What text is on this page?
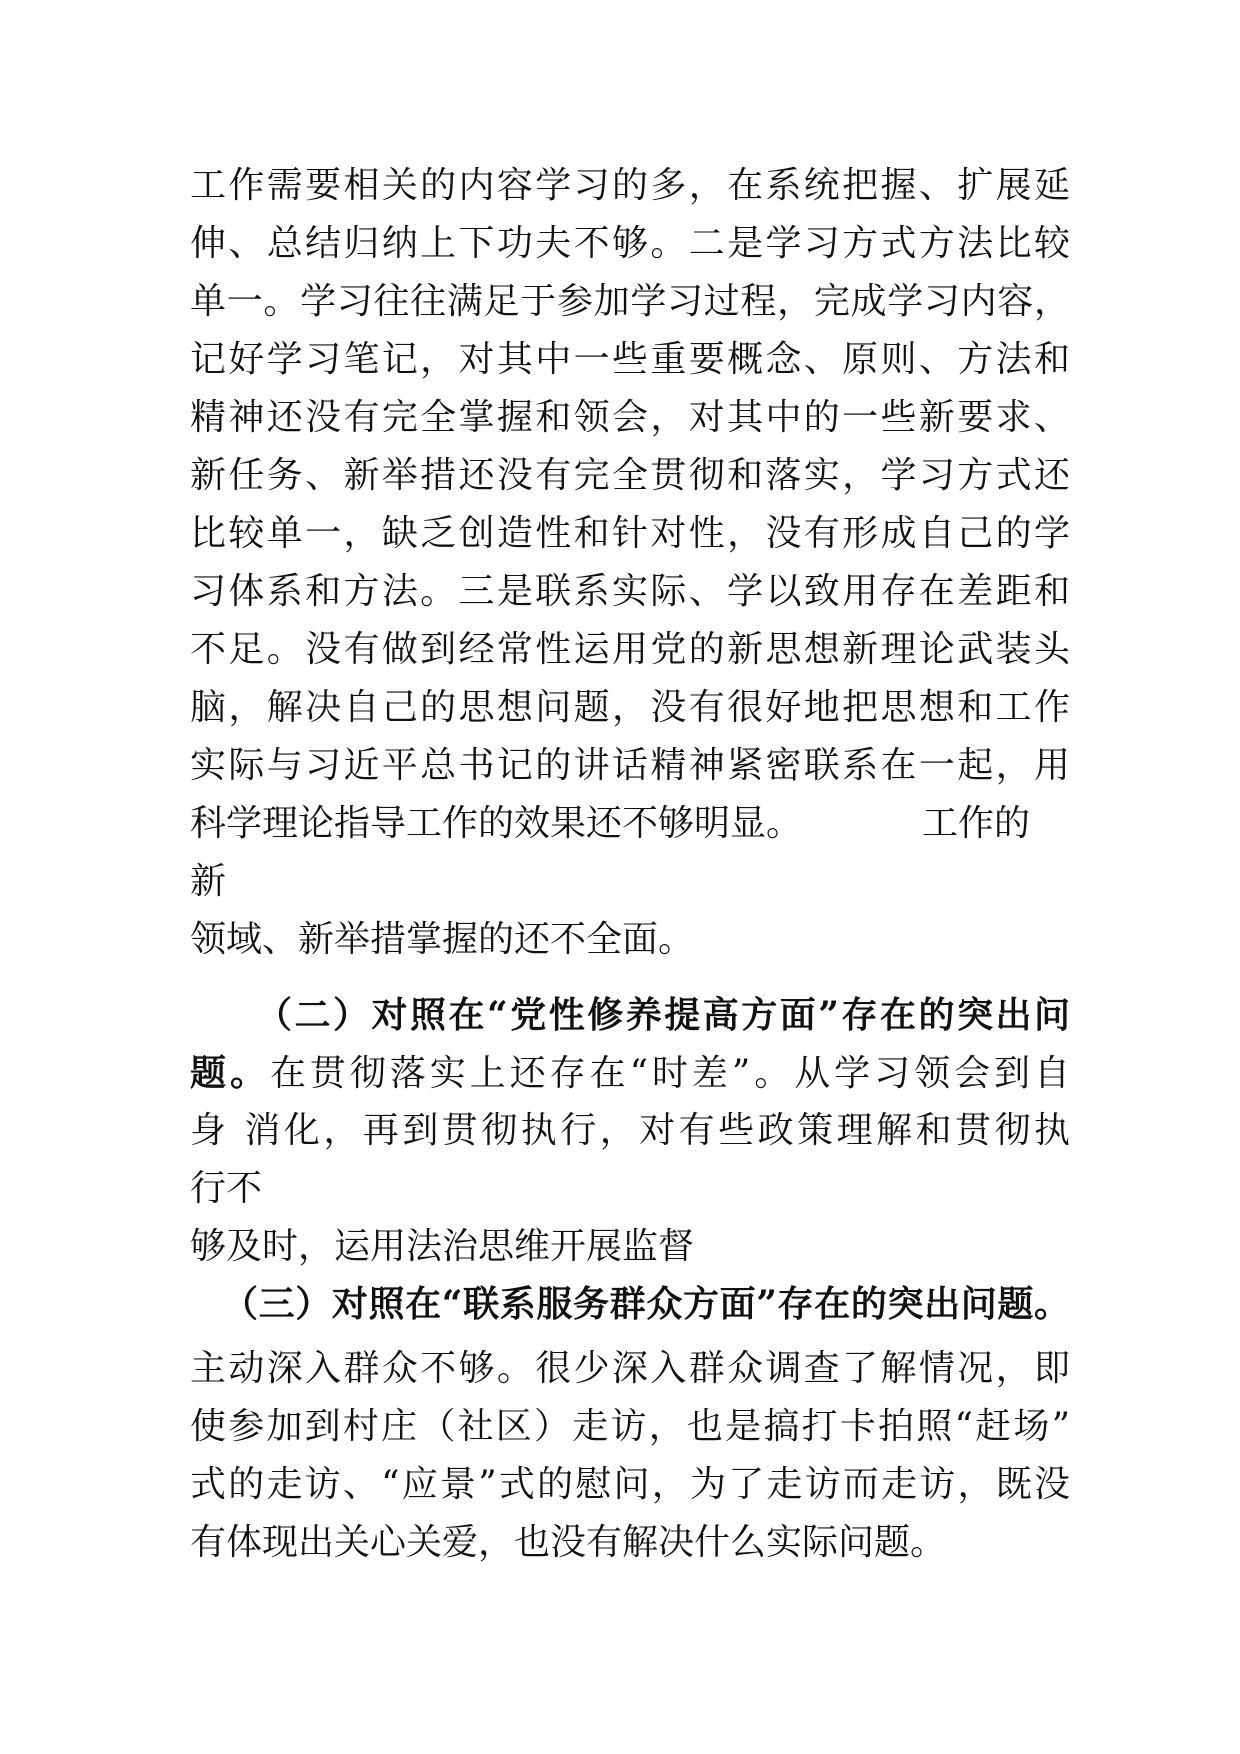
工作需要相关的内容学习的多，在系统把握、扩展延
伸、总结归纳上下功夫不够。二是学习方式方法比较
单一。学习往往满足于参加学习过程，完成学习内容，
记好学习笔记，对其中一些重要概念、原则、方法和
精神还没有完全掌握和领会，对其中的一些新要求、
新任务、新举措还没有完全贯彻和落实，学习方式还
比较单一，缺乏创造性和针对性，没有形成自己的学
习体系和方法。三是联系实际、学以致用存在差距和
不足。没有做到经常性运用党的新思想新理论武装头
脑，解决自己的思想问题，没有很好地把思想和工作
实际与习近平总书记的讲话精神紧密联系在一起，用
科学理论指导工作的效果还不够明显。	工作的
新
领域、新举措掌握的还不全面。
（二）对照在“党性修养提高方面”存在的突出问
题。在贯彻落实上还存在“时差”。从学习领会到自
身 消化，再到贯彻执行，对有些政策理解和贯彻执
行不
够及时，运用法治思维开展监督
（三）对照在“联系服务群众方面”存在的突出问题。
主动深入群众不够。很少深入群众调查了解情况，即
使参加到村庄（社区）走访，也是搞打卡拍照“赶场”
式的走访、“应景”式的慰问，为了走访而走访，既没
有体现出关心关爱，也没有解决什么实际问题。
